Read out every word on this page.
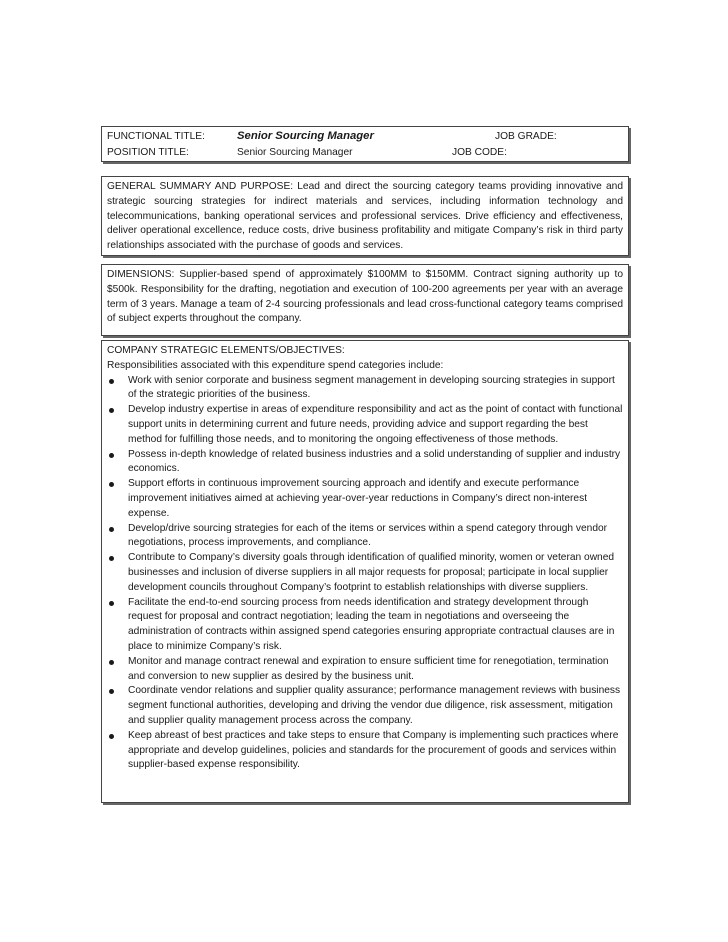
FUNCTIONAL TITLE:	Senior Sourcing Manager	JOB GRADE:
POSITION TITLE:	Senior Sourcing Manager	JOB CODE:
GENERAL SUMMARY AND PURPOSE: Lead and direct the sourcing category teams providing innovative and strategic sourcing strategies for indirect materials and services, including information technology and telecommunications, banking operational services and professional services. Drive efficiency and effectiveness, deliver operational excellence, reduce costs, drive business profitability and mitigate Company’s risk in third party relationships associated with the purchase of goods and services.
DIMENSIONS: Supplier-based spend of approximately $100MM to $150MM. Contract signing authority up to $500k. Responsibility for the drafting, negotiation and execution of 100-200 agreements per year with an average term of 3 years. Manage a team of 2-4 sourcing professionals and lead cross-functional category teams comprised of subject experts throughout the company.
COMPANY STRATEGIC ELEMENTS/OBJECTIVES:
Responsibilities associated with this expenditure spend categories include:
Work with senior corporate and business segment management in developing sourcing strategies in support of the strategic priorities of the business.
Develop industry expertise in areas of expenditure responsibility and act as the point of contact with functional support units in determining current and future needs, providing advice and support regarding the best method for fulfilling those needs, and to monitoring the ongoing effectiveness of those methods.
Possess in-depth knowledge of related business industries and a solid understanding of supplier and industry economics.
Support efforts in continuous improvement sourcing approach and identify and execute performance improvement initiatives aimed at achieving year-over-year reductions in Company’s direct non-interest expense.
Develop/drive sourcing strategies for each of the items or services within a spend category through vendor negotiations, process improvements, and compliance.
Contribute to Company’s diversity goals through identification of qualified minority, women or veteran owned businesses and inclusion of diverse suppliers in all major requests for proposal; participate in local supplier development councils throughout Company’s footprint to establish relationships with diverse suppliers.
Facilitate the end-to-end sourcing process from needs identification and strategy development through request for proposal and contract negotiation; leading the team in negotiations and overseeing the administration of contracts within assigned spend categories ensuring appropriate contractual clauses are in place to minimize Company’s risk.
Monitor and manage contract renewal and expiration to ensure sufficient time for renegotiation, termination and conversion to new supplier as desired by the business unit.
Coordinate vendor relations and supplier quality assurance; performance management reviews with business segment functional authorities, developing and driving the vendor due diligence, risk assessment, mitigation and supplier quality management process across the company.
Keep abreast of best practices and take steps to ensure that Company is implementing such practices where appropriate and develop guidelines, policies and standards for the procurement of goods and services within supplier-based expense responsibility.
